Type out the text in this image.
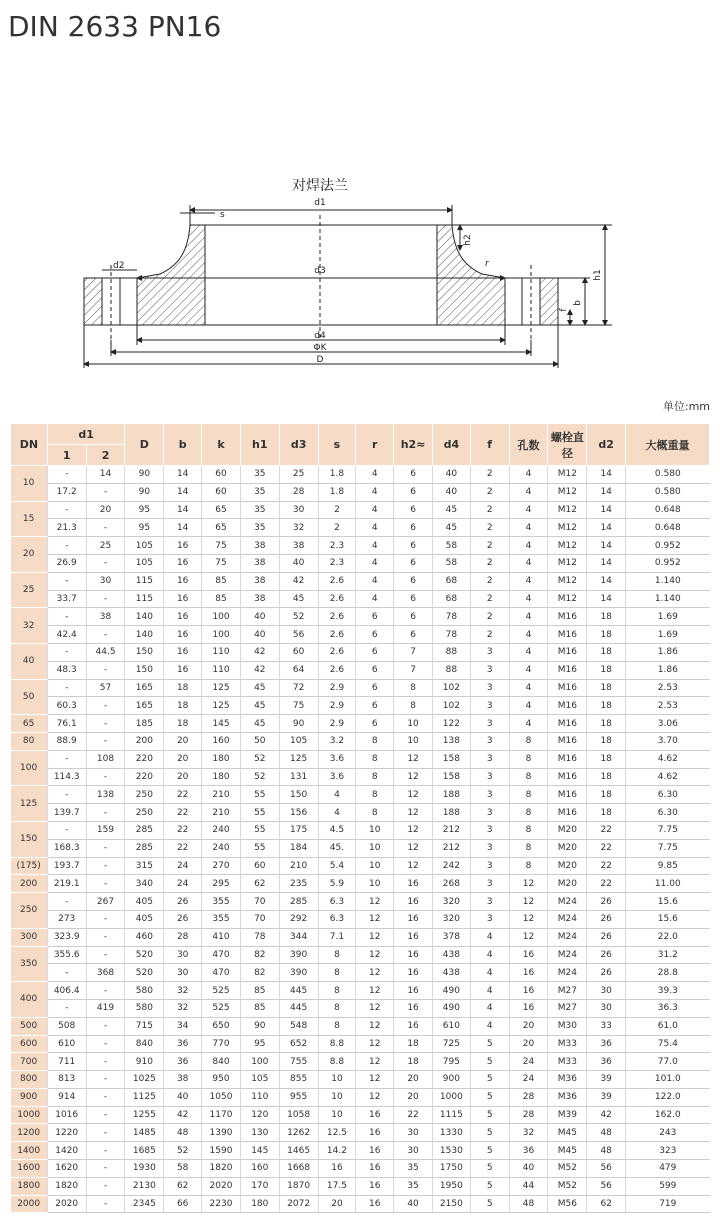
DIN 2633 PN16
对焊法兰
d1
s
d3
d2
h2
r
h1
b
f
d4
ΦK
D
单位:mm
DN	d1		D	b	k	h1	d3	s	r	h2≈	d4	f	孔数	螺栓直径	d2	大概重量
	1	2														
10	-	14	90	14	60	35	25	1.8	4	6	40	2	4	M12	14	0.580
	17.2	-	90	14	60	35	28	1.8	4	6	40	2	4	M12	14	0.580
15	-	20	95	14	65	35	30	2	4	6	45	2	4	M12	14	0.648
	21.3	-	95	14	65	35	32	2	4	6	45	2	4	M12	14	0.648
20	-	25	105	16	75	38	38	2.3	4	6	58	2	4	M12	14	0.952
	26.9	-	105	16	75	38	40	2.3	4	6	58	2	4	M12	14	0.952
25	-	30	115	16	85	38	42	2.6	4	6	68	2	4	M12	14	1.140
	33.7	-	115	16	85	38	45	2.6	4	6	68	2	4	M12	14	1.140
32	-	38	140	16	100	40	52	2.6	6	6	78	2	4	M16	18	1.69
	42.4	-	140	16	100	40	56	2.6	6	6	78	2	4	M16	18	1.69
40	-	44.5	150	16	110	42	60	2.6	6	7	88	3	4	M16	18	1.86
	48.3	-	150	16	110	42	64	2.6	6	7	88	3	4	M16	18	1.86
50	-	57	165	18	125	45	72	2.9	6	8	102	3	4	M16	18	2.53
	60.3	-	165	18	125	45	75	2.9	6	8	102	3	4	M16	18	2.53
65	76.1	-	185	18	145	45	90	2.9	6	10	122	3	4	M16	18	3.06
80	88.9	-	200	20	160	50	105	3.2	8	10	138	3	8	M16	18	3.70
100	-	108	220	20	180	52	125	3.6	8	12	158	3	8	M16	18	4.62
	114.3	-	220	20	180	52	131	3.6	8	12	158	3	8	M16	18	4.62
125	-	138	250	22	210	55	150	4	8	12	188	3	8	M16	18	6.30
	139.7	-	250	22	210	55	156	4	8	12	188	3	8	M16	18	6.30
150	-	159	285	22	240	55	175	4.5	10	12	212	3	8	M20	22	7.75
	168.3	-	285	22	240	55	184	45.	10	12	212	3	8	M20	22	7.75
(175)	193.7	-	315	24	270	60	210	5.4	10	12	242	3	8	M20	22	9.85
200	219.1	-	340	24	295	62	235	5.9	10	16	268	3	12	M20	22	11.00
250	-	267	405	26	355	70	285	6.3	12	16	320	3	12	M24	26	15.6
	273	-	405	26	355	70	292	6.3	12	16	320	3	12	M24	26	15.6
300	323.9	-	460	28	410	78	344	7.1	12	16	378	4	12	M24	26	22.0
350	355.6	-	520	30	470	82	390	8	12	16	438	4	16	M24	26	31.2
	-	368	520	30	470	82	390	8	12	16	438	4	16	M24	26	28.8
400	406.4	-	580	32	525	85	445	8	12	16	490	4	16	M27	30	39.3
	-	419	580	32	525	85	445	8	12	16	490	4	16	M27	30	36.3
500	508	-	715	34	650	90	548	8	12	16	610	4	20	M30	33	61.0
600	610	-	840	36	770	95	652	8.8	12	18	725	5	20	M33	36	75.4
700	711	-	910	36	840	100	755	8.8	12	18	795	5	24	M33	36	77.0
800	813	-	1025	38	950	105	855	10	12	20	900	5	24	M36	39	101.0
900	914	-	1125	40	1050	110	955	10	12	20	1000	5	28	M36	39	122.0
1000	1016	-	1255	42	1170	120	1058	10	16	22	1115	5	28	M39	42	162.0
1200	1220	-	1485	48	1390	130	1262	12.5	16	30	1330	5	32	M45	48	243
1400	1420	-	1685	52	1590	145	1465	14.2	16	30	1530	5	36	M45	48	323
1600	1620	-	1930	58	1820	160	1668	16	16	35	1750	5	40	M52	56	479
1800	1820	-	2130	62	2020	170	1870	17.5	16	35	1950	5	44	M52	56	599
2000	2020	-	2345	66	2230	180	2072	20	16	40	2150	5	48	M56	62	719
